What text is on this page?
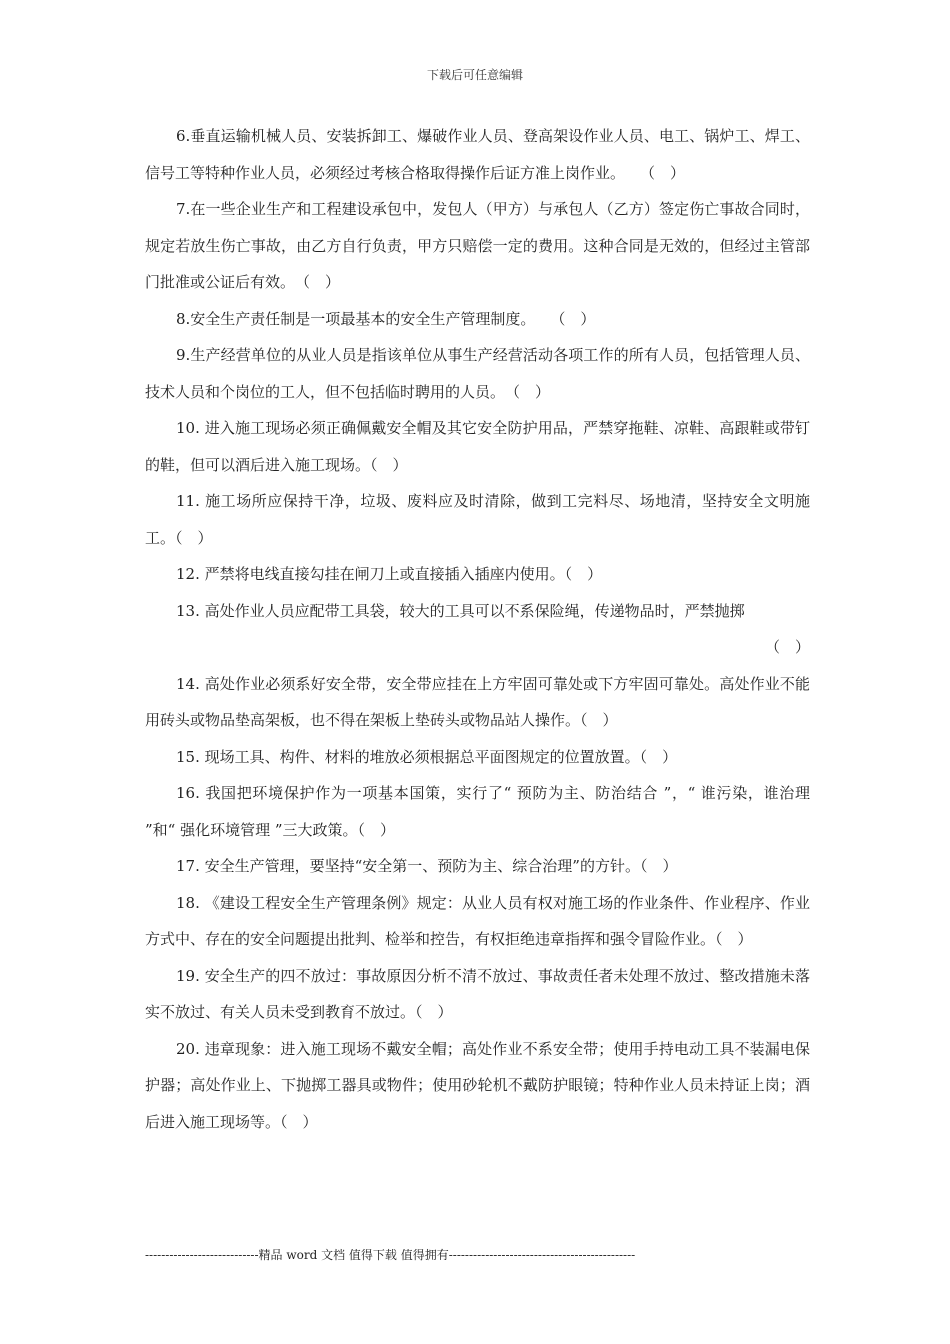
下载后可任意编辑

6.垂直运输机械人员、安装拆卸工、爆破作业人员、登高架设作业人员、电工、锅炉工、焊工、信号工等特种作业人员，必须经过考核合格取得操作后证方准上岗作业。　　（　）

7.在一些企业生产和工程建设承包中，发包人（甲方）与承包人（乙方）签定伤亡事故合同时，规定若放生伤亡事故，由乙方自行负责，甲方只赔偿一定的费用。这种合同是无效的，但经过主管部门批准或公证后有效。　（　）

8.安全生产责任制是一项最基本的安全生产管理制度。　　（　）

9.生产经营单位的从业人员是指该单位从事生产经营活动各项工作的所有人员，包括管理人员、技术人员和个岗位的工人，但不包括临时聘用的人员。　（　）

10. 进入施工现场必须正确佩戴安全帽及其它安全防护用品，严禁穿拖鞋、凉鞋、高跟鞋或带钉的鞋，但可以酒后进入施工现场。（　）

11. 施工场所应保持干净，垃圾、废料应及时清除，做到工完料尽、场地清，坚持安全文明施工。（　）

12. 严禁将电线直接勾挂在闸刀上或直接插入插座内使用。（　）

13. 高处作业人员应配带工具袋，较大的工具可以不系保险绳，传递物品时，严禁抛掷
（　）

14. 高处作业必须系好安全带，安全带应挂在上方牢固可靠处或下方牢固可靠处。高处作业不能用砖头或物品垫高架板，也不得在架板上垫砖头或物品站人操作。（　）

15. 现场工具、构件、材料的堆放必须根据总平面图规定的位置放置。（　）

16. 我国把环境保护作为一项基本国策，实行了“ 预防为主、防治结合 ”，“ 谁污染，谁治理 ”和“ 强化环境管理 ”三大政策。（　）

17. 安全生产管理，要坚持“安全第一、预防为主、综合治理”的方针。（　）

18. 《建设工程安全生产管理条例》规定：从业人员有权对施工场的作业条件、作业程序、作业方式中、存在的安全问题提出批判、检举和控告，有权拒绝违章指挥和强令冒险作业。（　）

19. 安全生产的四不放过：事故原因分析不清不放过、事故责任者未处理不放过、整改措施未落实不放过、有关人员未受到教育不放过。（　）

20. 违章现象：进入施工现场不戴安全帽；高处作业不系安全带；使用手持电动工具不装漏电保护器；高处作业上、下抛掷工器具或物件；使用砂轮机不戴防护眼镜；特种作业人员未持证上岗；酒后进入施工现场等。（　）

----------------------------精品 word 文档 值得下载 值得拥有----------------------------------------------
